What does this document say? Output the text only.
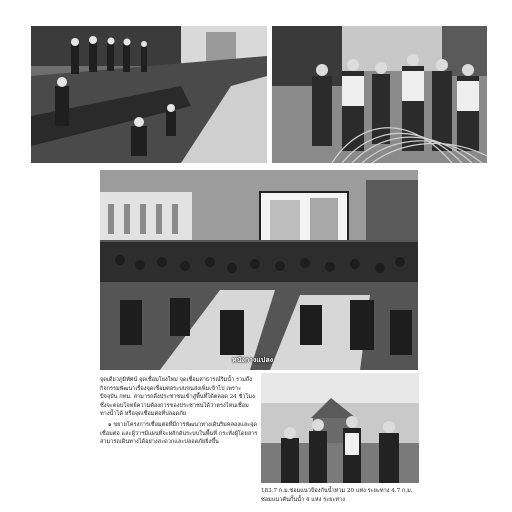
หนังกางแปลง

จุดเดียวภูมิทัศน์ จุดเชื่อมโยงใหม่ จุดเชื่อมสาธารณ์ริมน้ำ รวมถึงกิจกรรมพัฒนาเรื่องจุดเชื่อมต่อระบบขนส่งเพิ่มเข้าไป เพราะปัจจุบัน กทม. สามารถดึงประชาชนเข้าสู่พื้นที่ได้ตลอด 24 ชั่วโมง ซึ่งจะตอบโจทย์ความต้องการของประชาชนได้ว่าตรงไหนเชื่อมทางน้ำได้ หรือจุดเชื่อมต่อที่ปลอดภัย

๑ ขยายโครงการเชื่อมต่อที่มีการพัฒนาทางเดินริมคลองและจุดเชื่อมต่อ และผู้ว่าฯมีแผนที่จะผลักดันระบบในพื้นที่ กระทั่งผู้โดยสารสามารถเดินทางได้อย่างสะดวกและปลอดภัยยิ่งขึ้น

183.7 ก.ม.ซ่อมแนวป้องกันน้ำท่วม 20 แห่ง ระยะทาง 4.7 ก.ม. ซ่อมแนวคันกั้นน้ำ 4 แห่ง ระยะทาง
